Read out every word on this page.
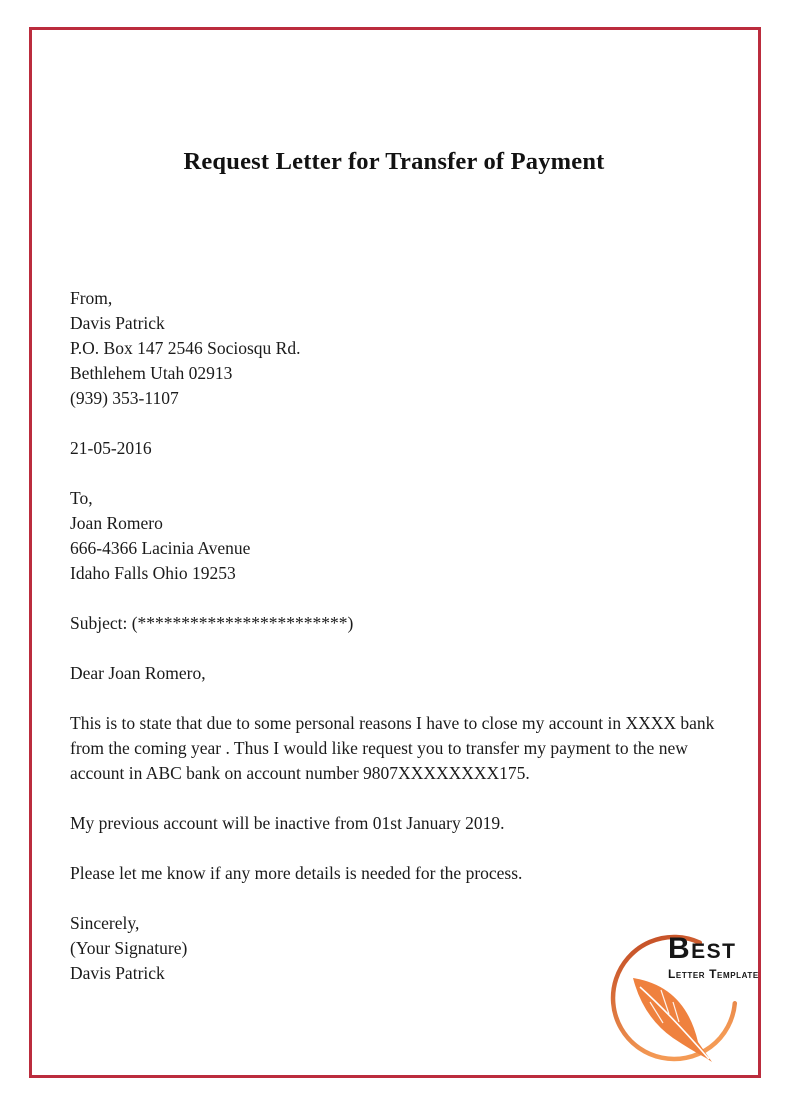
Request Letter for Transfer of Payment
From,
Davis Patrick
P.O. Box 147 2546 Sociosqu Rd.
Bethlehem Utah 02913
(939) 353-1107
21-05-2016
To,
Joan Romero
666-4366 Lacinia Avenue
Idaho Falls Ohio 19253
Subject: (************************)
Dear Joan Romero,

This is to state that due to some personal reasons I have to close my account in XXXX bank from the coming year . Thus I would like request you to transfer my payment to the new account in ABC bank on account number 9807XXXXXXXX175.

My previous account will be inactive from 01st January 2019.

Please let me know if any more details is needed for the process.

Sincerely,
(Your Signature)
Davis Patrick
Best
Letter Template
